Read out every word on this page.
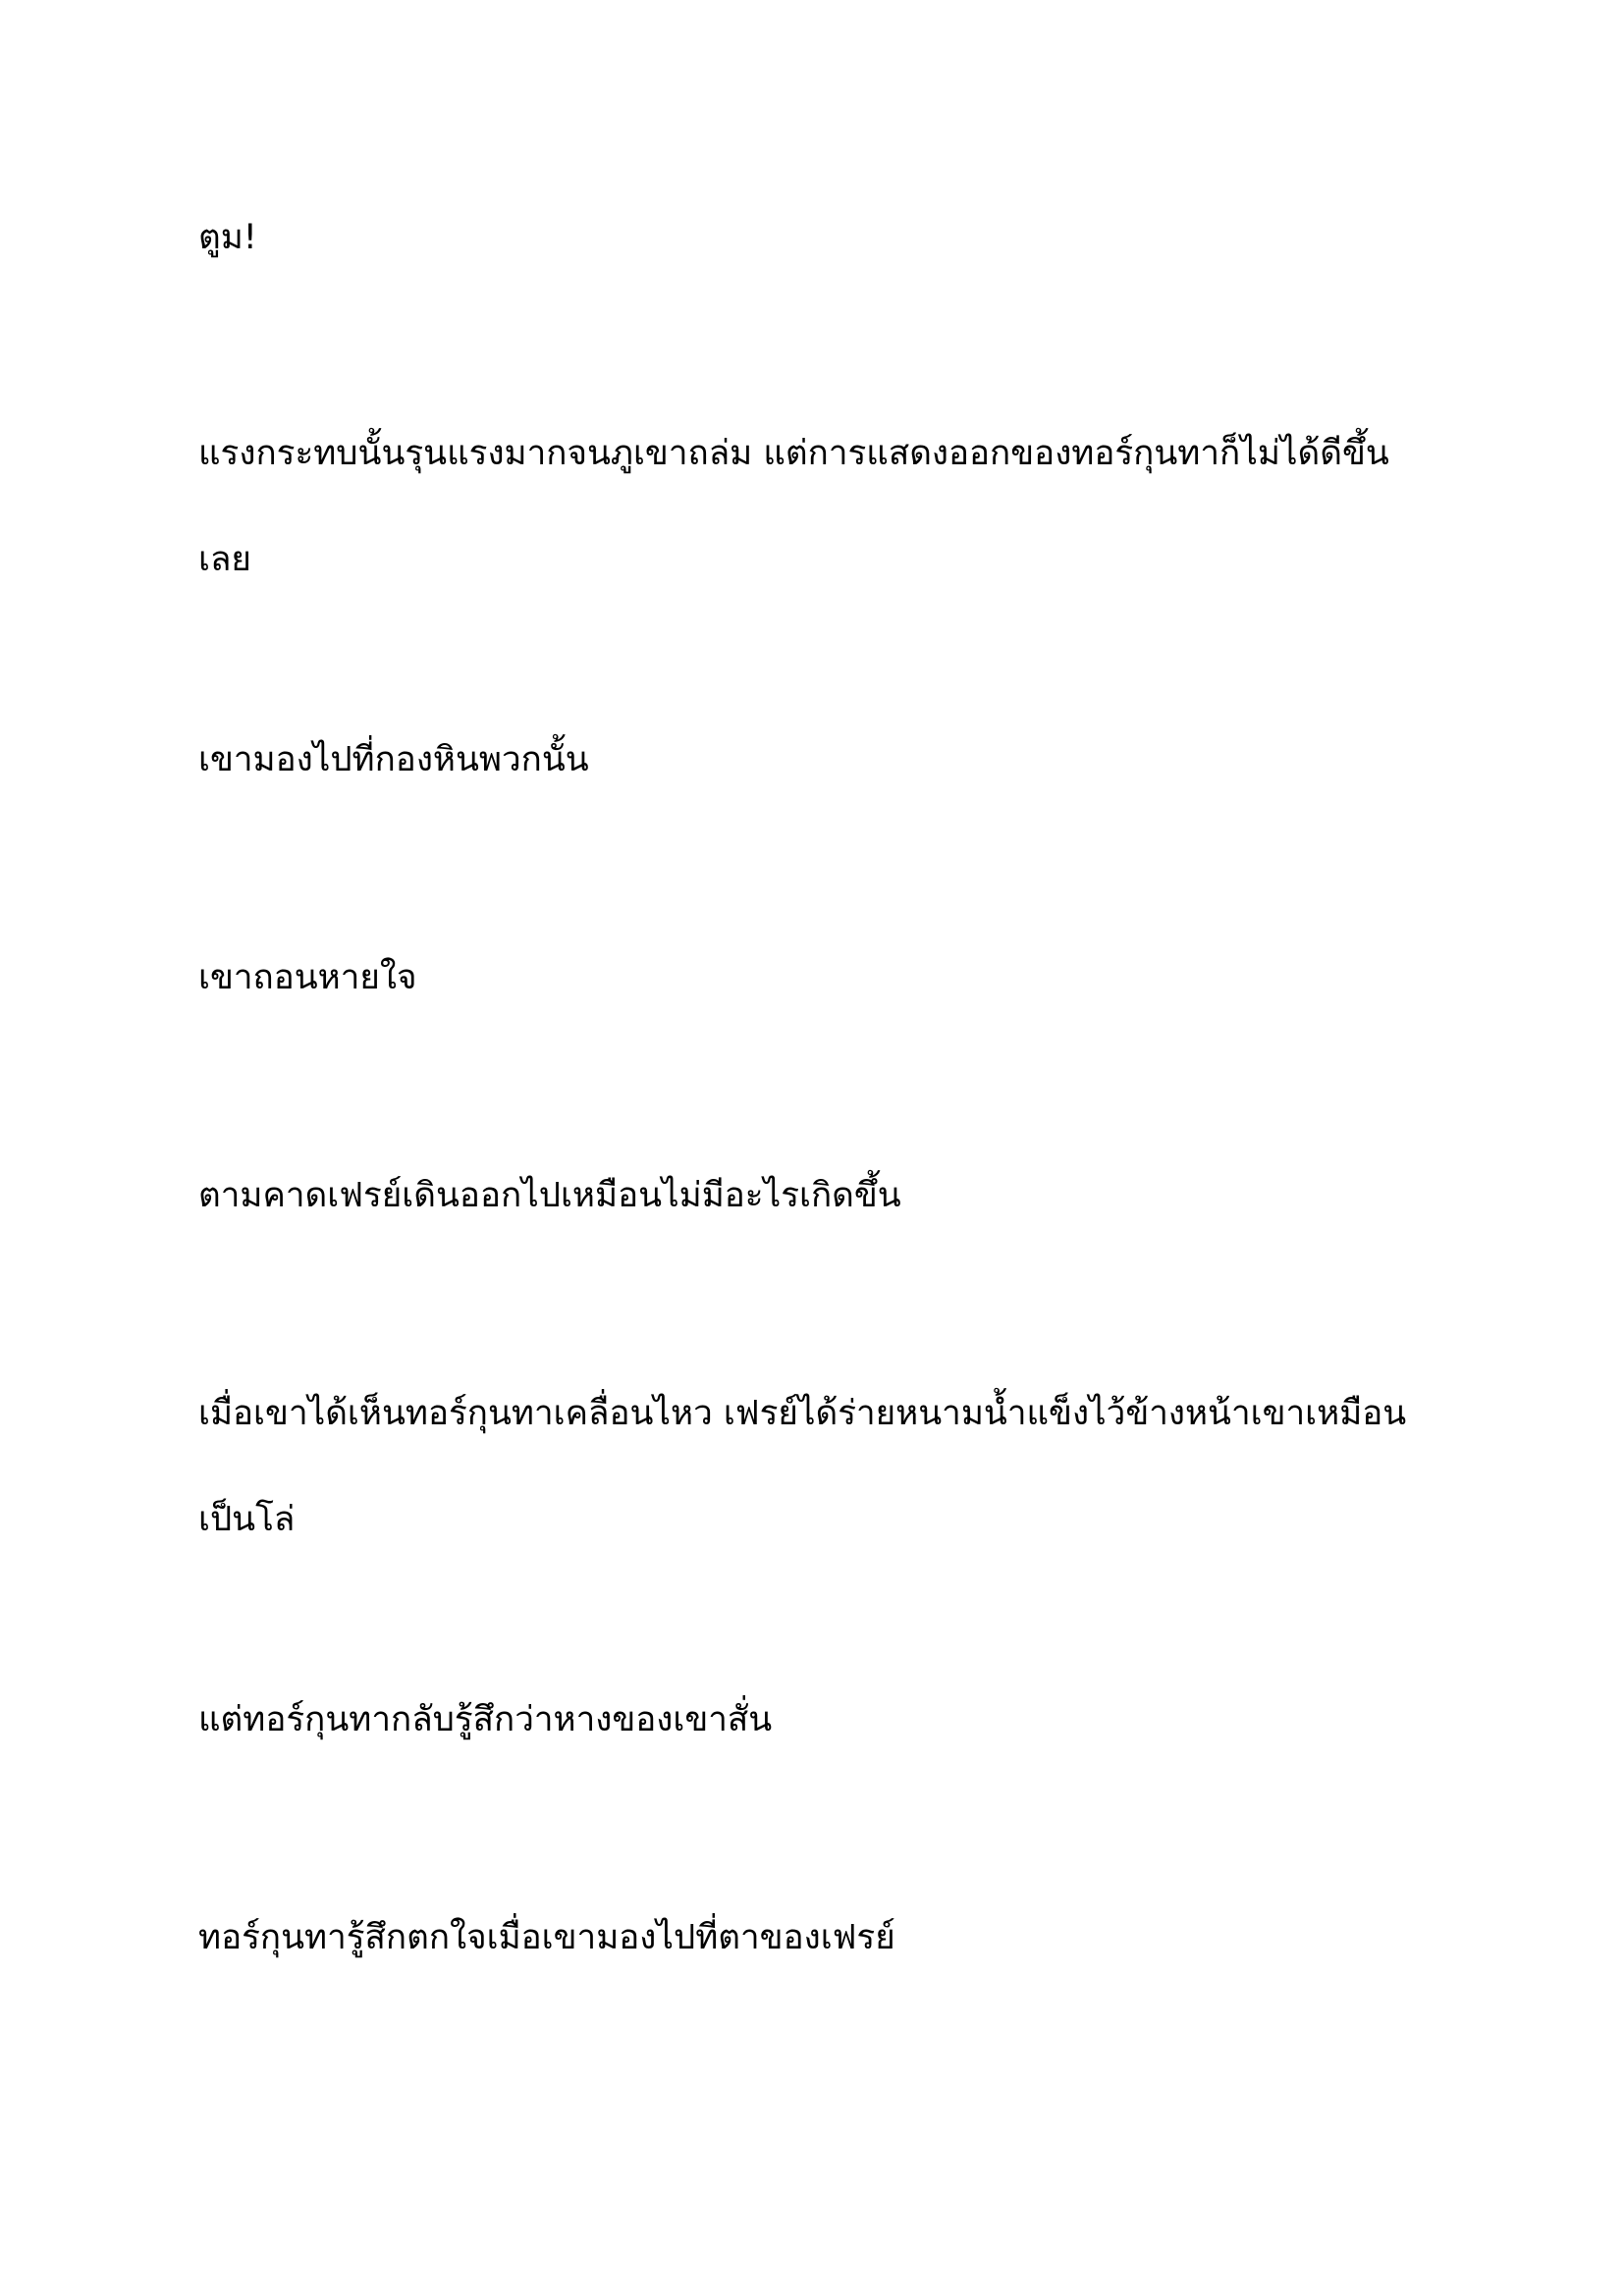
ตูม!

แรงกระทบนั้นรุนแรงมากจนภูเขาถล่ม แต่การแสดงออกของทอร์กุนทาก็ไม่ได้ดีขึ้นเลย

เขามองไปที่กองหินพวกนั้น

เขาถอนหายใจ

ตามคาดเฟรย์เดินออกไปเหมือนไม่มีอะไรเกิดขึ้น

เมื่อเขาได้เห็นทอร์กุนทาเคลื่อนไหว เฟรย์ได้ร่ายหนามน้ำแข็งไว้ข้างหน้าเขาเหมือนเป็นโล่

แต่ทอร์กุนทากลับรู้สึกว่าหางของเขาสั่น

ทอร์กุนทารู้สึกตกใจเมื่อเขามองไปที่ตาของเฟรย์
